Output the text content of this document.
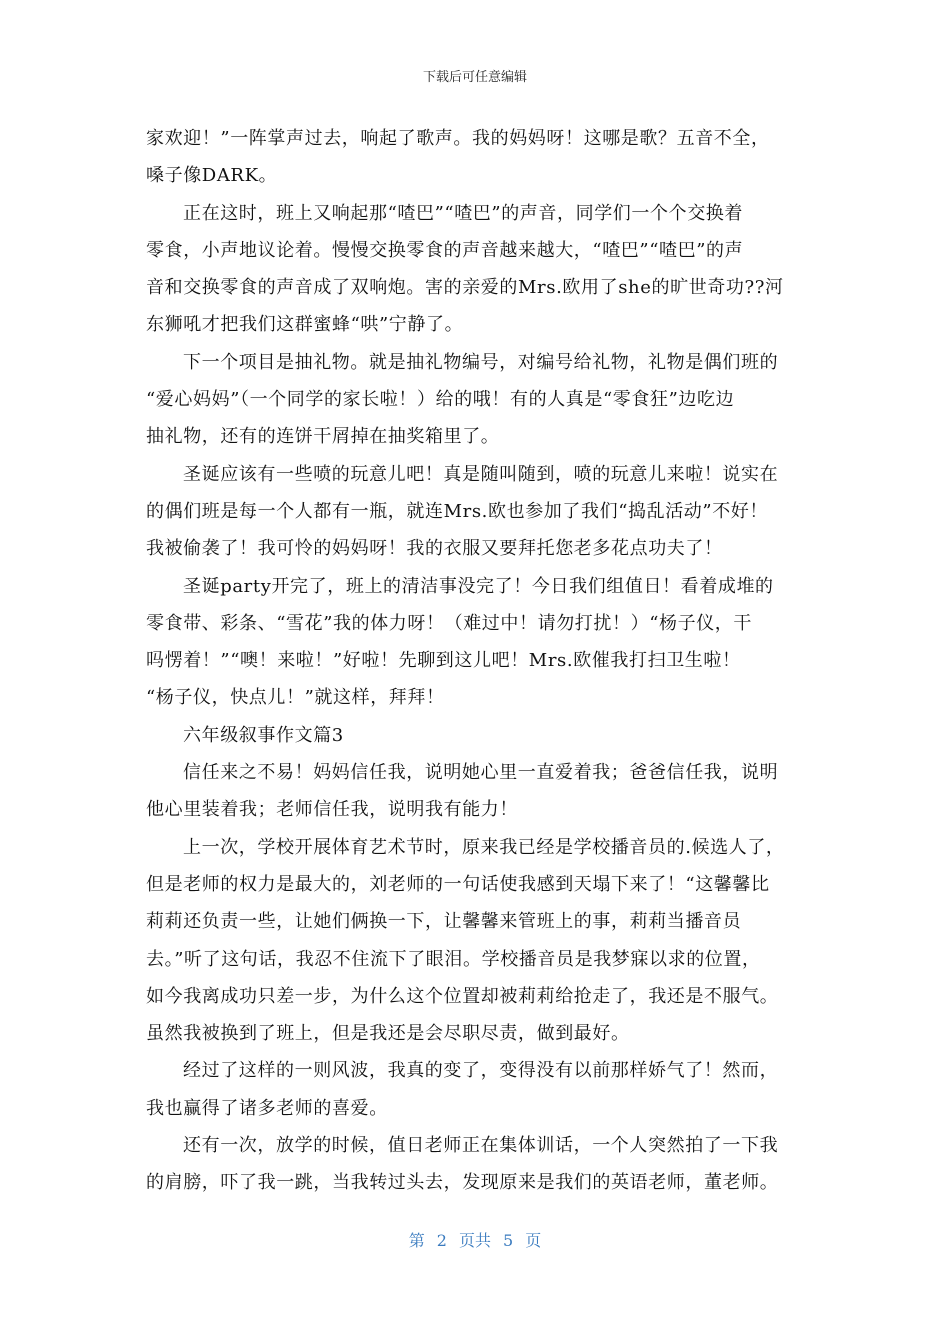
下载后可任意编辑
家欢迎！”一阵掌声过去，响起了歌声。我的妈妈呀！这哪是歌？五音不全，
嗓子像DARK。
正在这时，班上又响起那“喳巴”“喳巴”的声音，同学们一个个交换着
零食，小声地议论着。慢慢交换零食的声音越来越大，“喳巴”“喳巴”的声
音和交换零食的声音成了双响炮。害的亲爱的Mrs.欧用了she的旷世奇功??河
东狮吼才把我们这群蜜蜂“哄”宁静了。
下一个项目是抽礼物。就是抽礼物编号，对编号给礼物，礼物是偶们班的
“爱心妈妈”（一个同学的家长啦！）给的哦！有的人真是“零食狂”边吃边
抽礼物，还有的连饼干屑掉在抽奖箱里了。
圣诞应该有一些喷的玩意儿吧！真是随叫随到，喷的玩意儿来啦！说实在
的偶们班是每一个人都有一瓶，就连Mrs.欧也参加了我们“捣乱活动”不好！
我被偷袭了！我可怜的妈妈呀！我的衣服又要拜托您老多花点功夫了！
圣诞party开完了，班上的清洁事没完了！今日我们组值日！看着成堆的
零食带、彩条、“雪花”我的体力呀！（难过中！请勿打扰！）“杨子仪，干
吗愣着！”“噢！来啦！”好啦！先聊到这儿吧！Mrs.欧催我打扫卫生啦！
“杨子仪，快点儿！”就这样，拜拜！
六年级叙事作文篇3
信任来之不易！妈妈信任我，说明她心里一直爱着我；爸爸信任我，说明
他心里装着我；老师信任我，说明我有能力！
上一次，学校开展体育艺术节时，原来我已经是学校播音员的.候选人了，
但是老师的权力是最大的，刘老师的一句话使我感到天塌下来了！“这馨馨比
莉莉还负责一些，让她们俩换一下，让馨馨来管班上的事，莉莉当播音员
去。”听了这句话，我忍不住流下了眼泪。学校播音员是我梦寐以求的位置，
如今我离成功只差一步，为什么这个位置却被莉莉给抢走了，我还是不服气。
虽然我被换到了班上，但是我还是会尽职尽责，做到最好。
经过了这样的一则风波，我真的变了，变得没有以前那样娇气了！然而，
我也赢得了诸多老师的喜爱。
还有一次，放学的时候，值日老师正在集体训话，一个人突然拍了一下我
的肩膀，吓了我一跳，当我转过头去，发现原来是我们的英语老师，董老师。
第 2 页共 5 页
